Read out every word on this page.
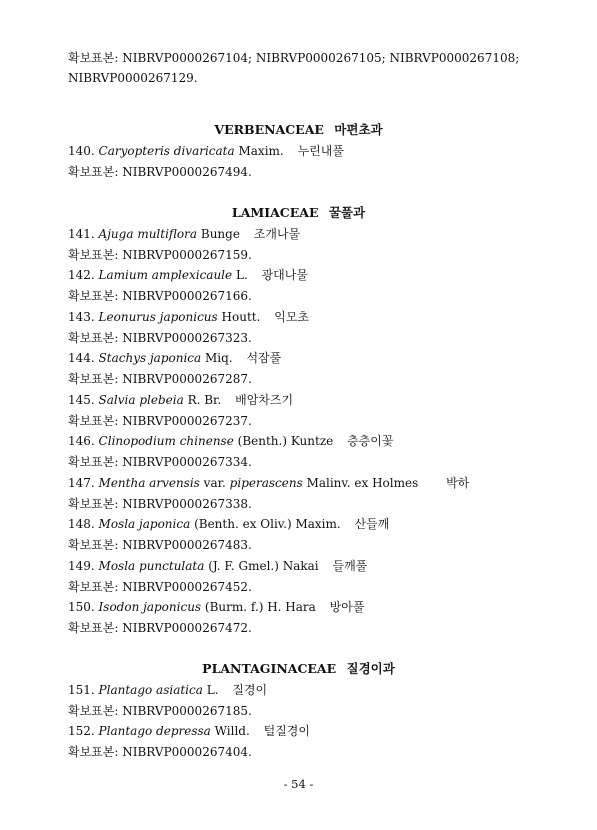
확보표본: NIBRVP0000267104; NIBRVP0000267105; NIBRVP0000267108;
NIBRVP0000267129.
VERBENACEAE 마편초과
140. Caryopteris divaricata Maxim. 누린내풀
확보표본: NIBRVP0000267494.
LAMIACEAE 꿀풀과
141. Ajuga multiflora Bunge 조개나물
확보표본: NIBRVP0000267159.
142. Lamium amplexicaule L. 광대나물
확보표본: NIBRVP0000267166.
143. Leonurus japonicus Houtt. 익모초
확보표본: NIBRVP0000267323.
144. Stachys japonica Miq. 석잠풀
확보표본: NIBRVP0000267287.
145. Salvia plebeia R. Br. 배암차즈기
확보표본: NIBRVP0000267237.
146. Clinopodium chinense (Benth.) Kuntze 층층이꽃
확보표본: NIBRVP0000267334.
147. Mentha arvensis var. piperascens Malinv. ex Holmes 박하
확보표본: NIBRVP0000267338.
148. Mosla japonica (Benth. ex Oliv.) Maxim. 산들깨
확보표본: NIBRVP0000267483.
149. Mosla punctulata (J. F. Gmel.) Nakai 들깨풀
확보표본: NIBRVP0000267452.
150. Isodon japonicus (Burm. f.) H. Hara 방아풀
확보표본: NIBRVP0000267472.
PLANTAGINACEAE 질경이과
151. Plantago asiatica L. 질경이
확보표본: NIBRVP0000267185.
152. Plantago depressa Willd. 털질경이
확보표본: NIBRVP0000267404.
- 54 -
